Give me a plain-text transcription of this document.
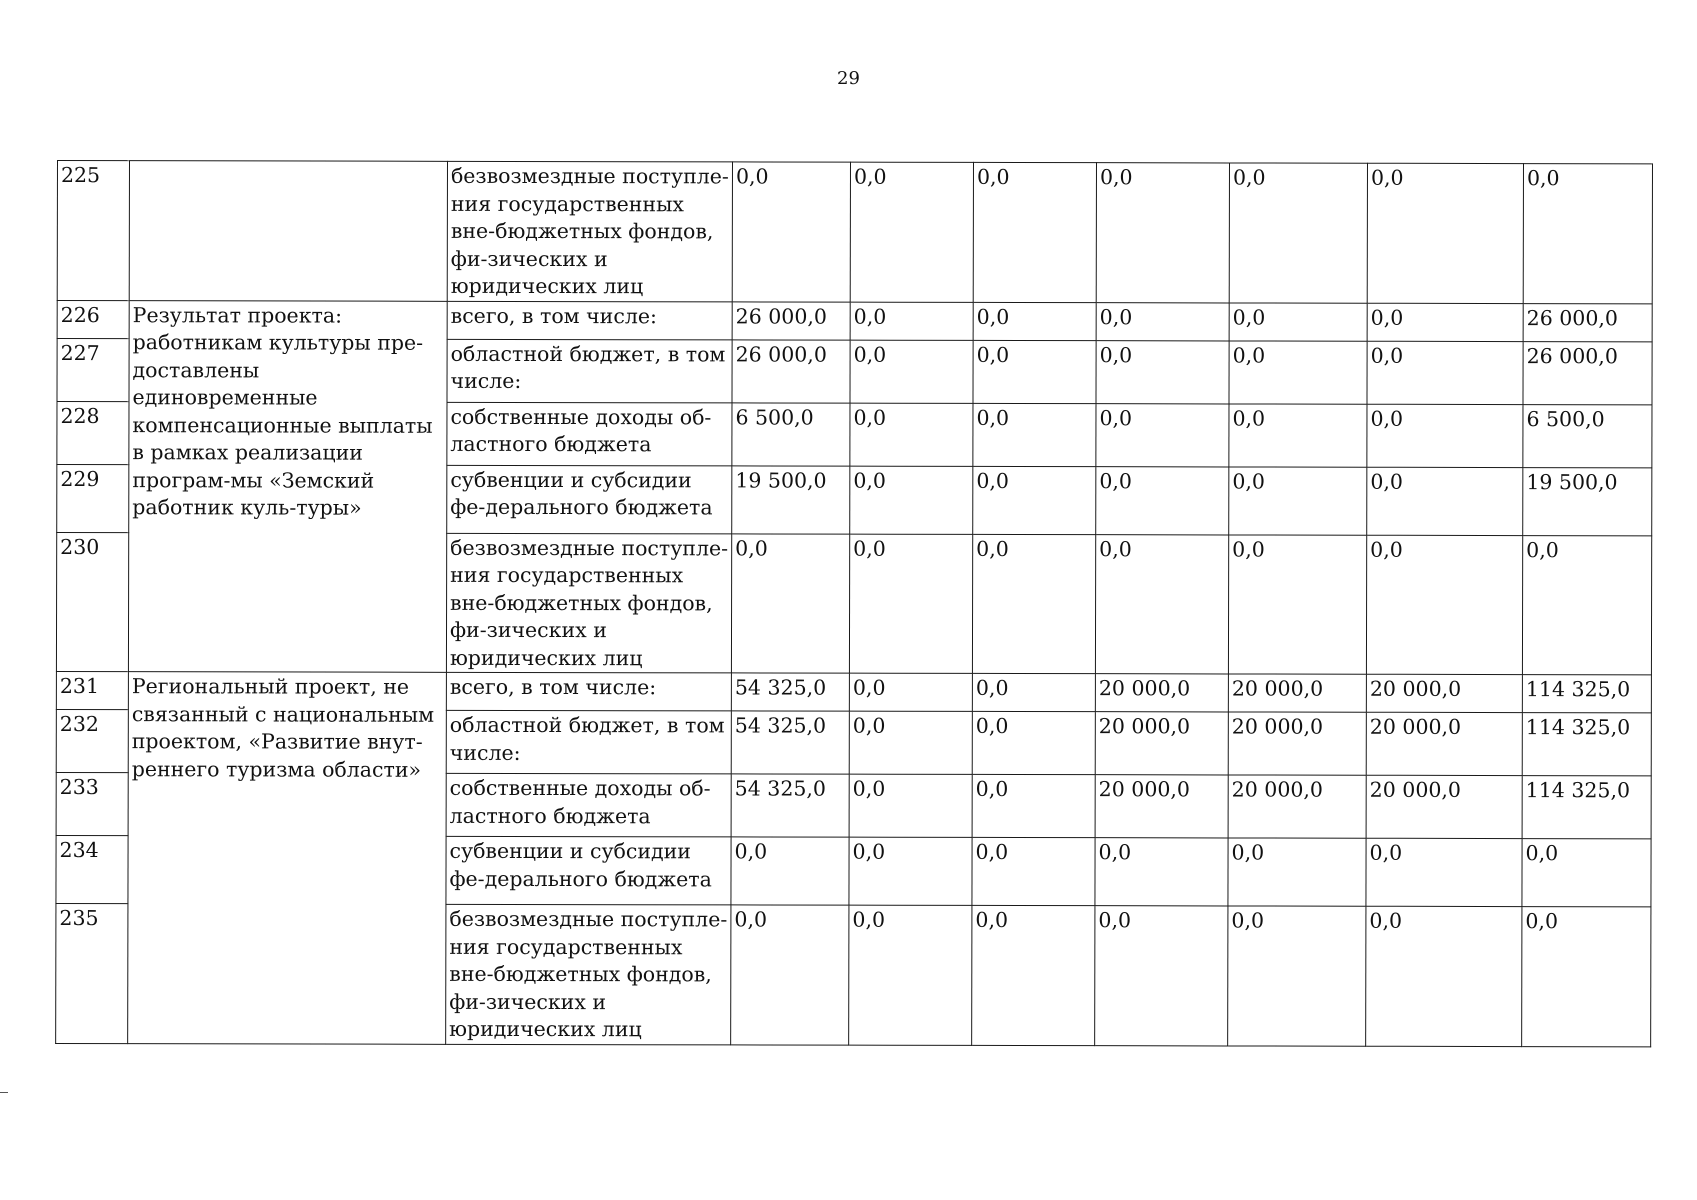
29
225		безвозмездные поступле-ния государственных вне-бюджетных фондов, фи-зических и юридических лиц	0,0	0,0	0,0	0,0	0,0	0,0	0,0
226	Результат проекта: работникам культуры пре-доставлены единовременные компенсационные выплаты в рамках реализации програм-мы «Земский работник куль-туры»	всего, в том числе:	26 000,0	0,0	0,0	0,0	0,0	0,0	26 000,0
227		областной бюджет, в том числе:	26 000,0	0,0	0,0	0,0	0,0	0,0	26 000,0
228		собственные доходы об-ластного бюджета	6 500,0	0,0	0,0	0,0	0,0	0,0	6 500,0
229		субвенции и субсидии фе-дерального бюджета	19 500,0	0,0	0,0	0,0	0,0	0,0	19 500,0
230		безвозмездные поступле-ния государственных вне-бюджетных фондов, фи-зических и юридических лиц	0,0	0,0	0,0	0,0	0,0	0,0	0,0
231	Региональный проект, не связанный с национальным проектом, «Развитие внут-реннего туризма области»	всего, в том числе:	54 325,0	0,0	0,0	20 000,0	20 000,0	20 000,0	114 325,0
232		областной бюджет, в том числе:	54 325,0	0,0	0,0	20 000,0	20 000,0	20 000,0	114 325,0
233		собственные доходы об-ластного бюджета	54 325,0	0,0	0,0	20 000,0	20 000,0	20 000,0	114 325,0
234		субвенции и субсидии фе-дерального бюджета	0,0	0,0	0,0	0,0	0,0	0,0	0,0
235		безвозмездные поступле-ния государственных вне-бюджетных фондов, фи-зических и юридических лиц	0,0	0,0	0,0	0,0	0,0	0,0	0,0
